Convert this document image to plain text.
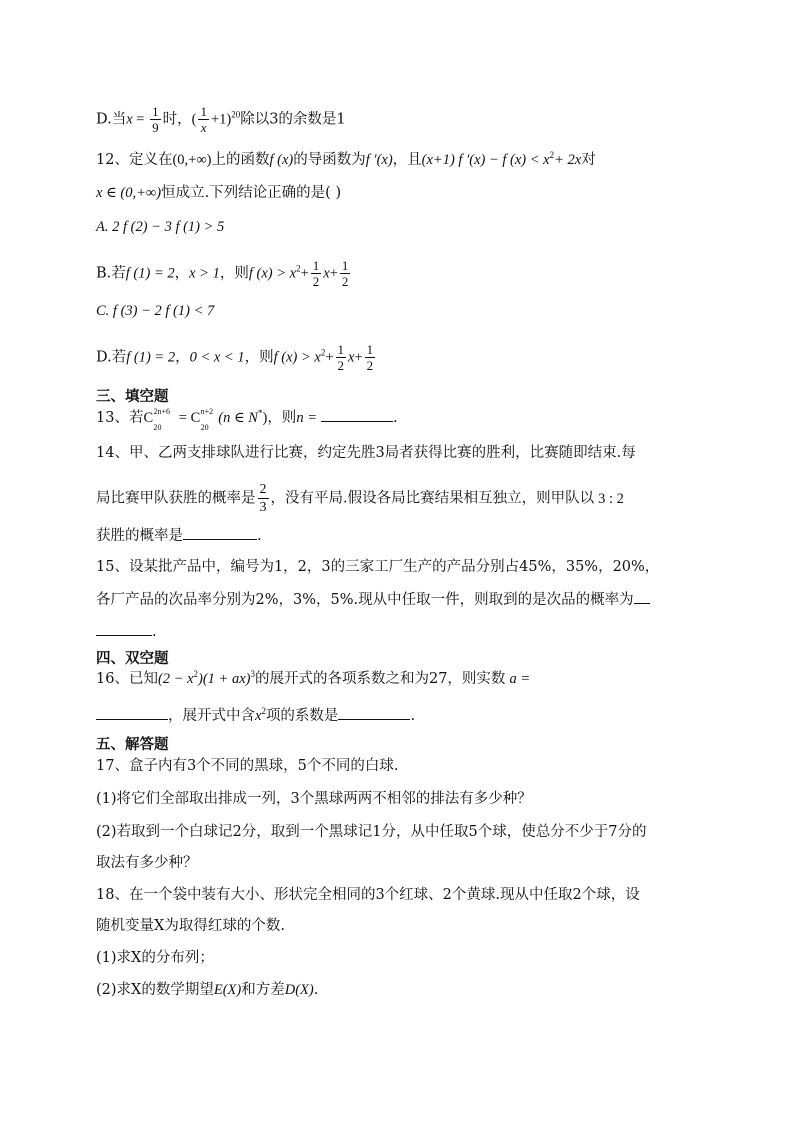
D.当$x = \frac{1}{9}$ 时，( $\frac{1}{x} +1)^{20}$除以3的余数是1
12、定义在(0,+∞)上的函数f (x)的导函数为f ′(x)，且(x+1) f ′(x) − f $(x) < x^2+ 2x$对
x ∈ (0,+∞)恒成立.下列结论正确的是( )
A. 2 f (2) − 3 f (1) > 5
B.若f (1) = 2，x > 1，则f $(x) > x^2+ \frac{1}{2} x+ \frac{1}{2}$
C. f (3) − 2 f (1) < 7
D.若f (1) = 2，0 < x < 1，则f $(x) > x^2+ \frac{1}{2} x+ \frac{1}{2}$
三、填空题
13、若C 2n+6
20
= C n+2
20
(n ∈ N*)，则n =	.
14、甲、乙两支排球队进行比赛，约定先胜3局者获得比赛的胜利，比赛随即结束.每
局比赛甲队获胜的概率是 $\frac{2}{3}$ ，没有平局.假设各局比赛结果相互独立，则甲队以 3 : 2
获胜的概率是	.
15、设某批产品中，编号为1，2，3的三家工厂生产的产品分别占45%，35%，20%，
各厂产品的次品率分别为2%，3%，5%.现从中任取一件，则取到的是次品的概率为
.
四、双空题
16、已知$(2 - x^2)(1 + ax)^3$的展开式的各项系数之和为27，则实数 a =
，展开式中含$x^2$项的系数是	.
五、解答题
17、盒子内有3个不同的黑球，5个不同的白球.
(1)将它们全部取出排成一列，3个黑球两两不相邻的排法有多少种？
(2)若取到一个白球记2分，取到一个黑球记1分，从中任取5个球，使总分不少于7分的
取法有多少种？
18、在一个袋中装有大小、形状完全相同的3个红球、2个黄球.现从中任取2个球，设
随机变量X为取得红球的个数.
(1)求X的分布列；
(2)求X的数学期望E(X)和方差D(X).
